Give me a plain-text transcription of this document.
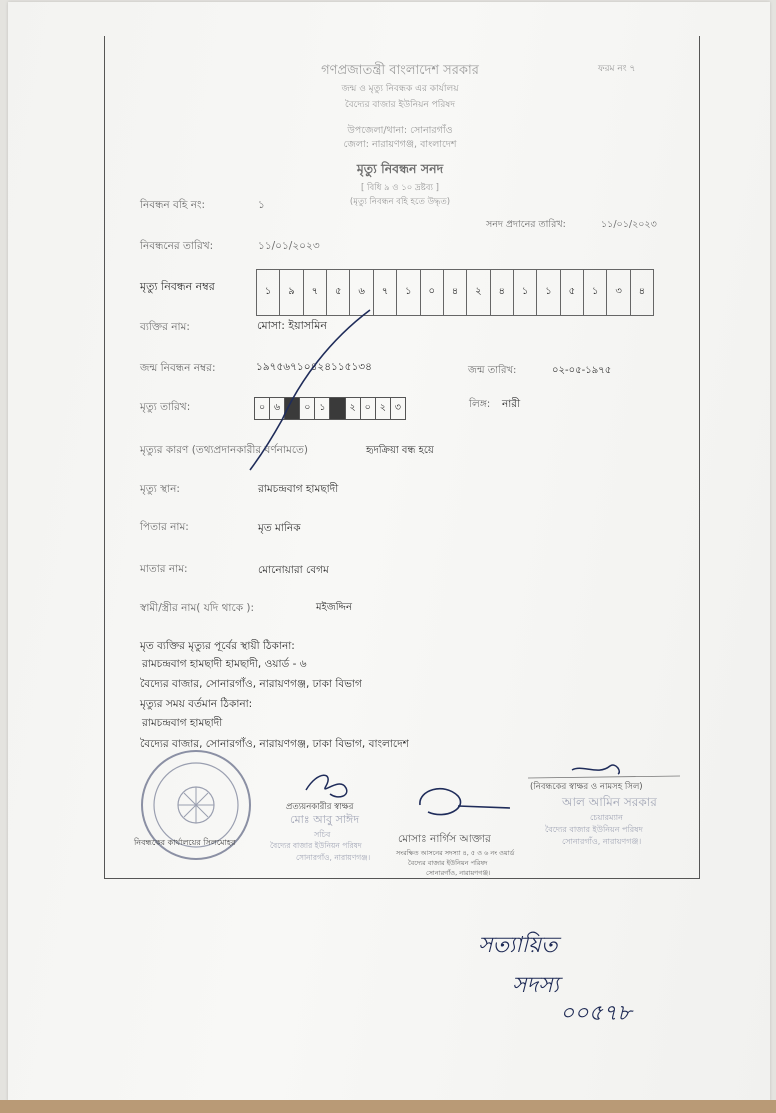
গণপ্রজাতন্ত্রী বাংলাদেশ সরকার	ফরম নং ৭
জন্ম ও মৃত্যু নিবন্ধক এর কার্যালয়
বৈদ্যের বাজার ইউনিয়ন পরিষদ
উপজেলা/থানা: সোনারগাঁও
জেলা: নারায়ণগঞ্জ, বাংলাদেশ
মৃত্যু নিবন্ধন সনদ
[ বিধি ৯ ও ১০ দ্রষ্টব্য ]
(মৃত্যু নিবন্ধন বহি হতে উদ্ধৃত)
নিবন্ধন বহি নং:	১
সনদ প্রদানের তারিখ:	১১/০১/২০২৩
নিবন্ধনের তারিখ:	১১/০১/২০২৩
মৃত্যু নিবন্ধন নম্বর	১	৯	৭	৫	৬	৭	১	০	৪	২	৪	১	১	৫	১	৩	৪
ব্যক্তির নাম:	মোসা: ইয়াসমিন
জন্ম নিবন্ধন নম্বর:	১৯৭৫৬৭১০৪২৪১১৫১৩৪	জন্ম তারিখ:	০২-০৫-১৯৭৫
মৃত্যু তারিখ:	০ ৬	০ ১	২ ০ ২ ৩	লিঙ্গ: নারী
মৃত্যুর কারণ (তথ্যপ্রদানকারীর বর্ণনামতে)	হৃদক্রিয়া বন্ধ হয়ে
মৃত্যু স্থান:	রামচন্দ্রবাগ হামছাদী
পিতার নাম:	মৃত মানিক
মাতার নাম:	মোনোয়ারা বেগম
স্বামী/স্ত্রীর নাম( যদি থাকে ):	মইজদ্দিন
মৃত ব্যক্তির মৃত্যুর পূর্বের স্থায়ী ঠিকানা:
রামচন্দ্রবাগ হামছাদী হামছাদী, ওয়ার্ড - ৬
বৈদ্যের বাজার, সোনারগাঁও, নারায়ণগঞ্জ, ঢাকা বিভাগ
মৃত্যুর সময় বর্তমান ঠিকানা:
রামচন্দ্রবাগ হামছাদী
বৈদ্যের বাজার, সোনারগাঁও, নারায়ণগঞ্জ, ঢাকা বিভাগ, বাংলাদেশ
(নিবন্ধকের স্বাক্ষর ও নামসহ সিল)
আল আমিন সরকার
চেয়ারম্যান
বৈদ্যের বাজার ইউনিয়ন পরিষদ
সোনারগাঁও, নারায়ণগঞ্জ।
প্রত্যয়নকারীর স্বাক্ষর
মোঃ আবু সাঈদ
সচিব
বৈদ্যের বাজার ইউনিয়ন পরিষদ
সোনারগাঁও, নারায়ণগঞ্জ।
নিবন্ধকের কার্যালয়ের সিলমোহর	মোসাঃ নার্গিস আক্তার
সংরক্ষিত আসনের সদস্যা ৪, ৫ ও ৬ নং ওয়ার্ড
বৈদ্যের বাজার ইউনিয়ন পরিষদ
সোনারগাঁও, নারায়ণগঞ্জ।
সত্যায়িত
সদস্য
০০৫৭৮
